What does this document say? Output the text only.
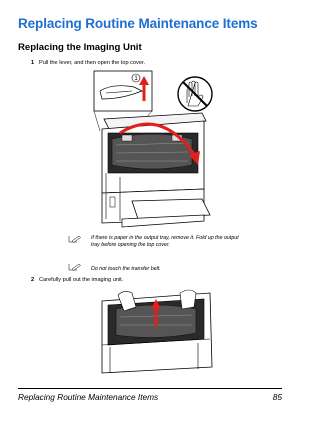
Replacing Routine Maintenance Items
Replacing the Imaging Unit
1 Pull the lever, and then open the top cover.
1
If there is paper in the output tray, remove it. Fold up the output
tray before opening the top cover.
Do not touch the transfer belt.
2 Carefully pull out the imaging unit.
Replacing Routine Maintenance Items	85
